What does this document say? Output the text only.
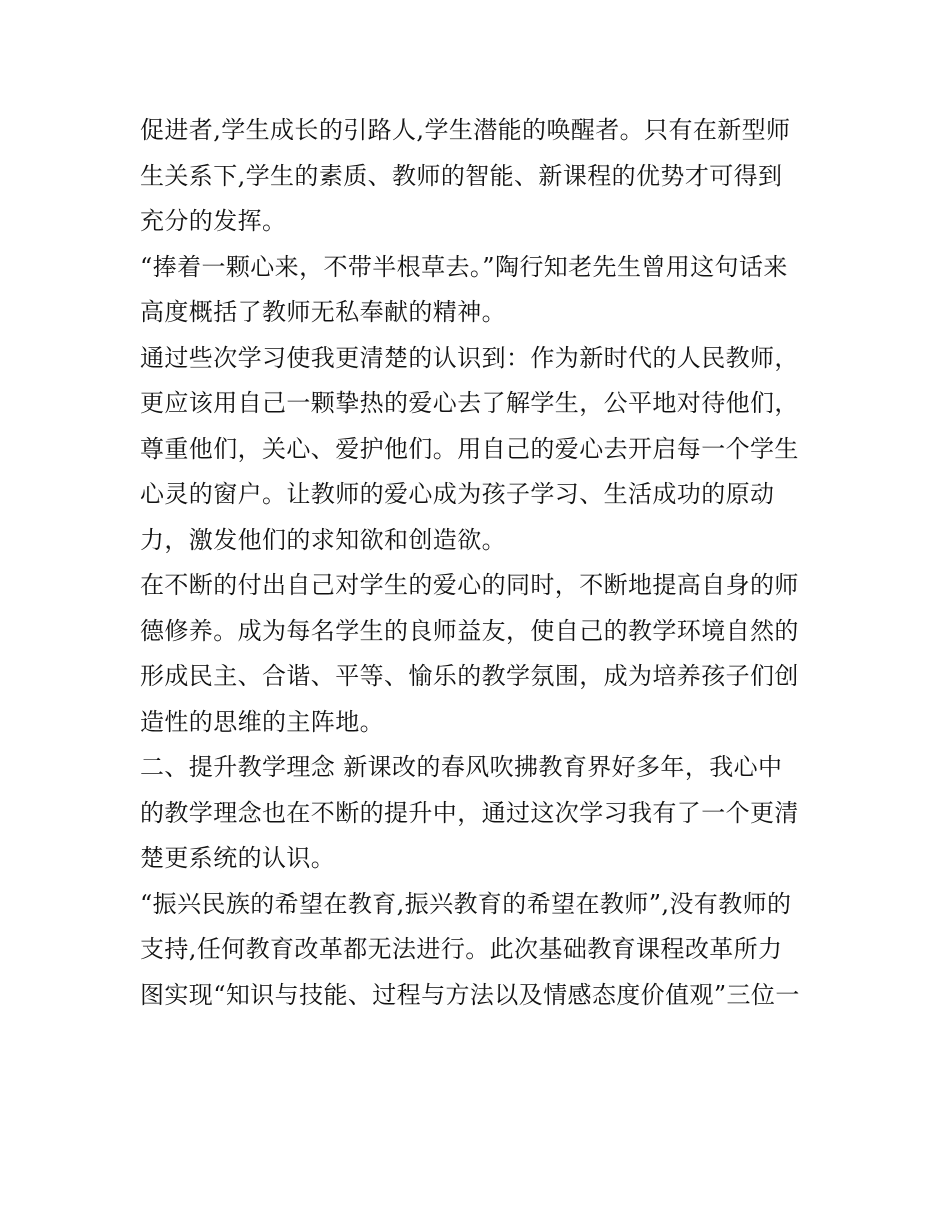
促进者,学生成长的引路人,学生潜能的唤醒者。只有在新型师
生关系下,学生的素质、教师的智能、新课程的优势才可得到
充分的发挥。
“捧着一颗心来，不带半根草去。”陶行知老先生曾用这句话来
高度概括了教师无私奉献的精神。
通过些次学习使我更清楚的认识到：作为新时代的人民教师，
更应该用自己一颗挚热的爱心去了解学生，公平地对待他们，
尊重他们，关心、爱护他们。用自己的爱心去开启每一个学生
心灵的窗户。让教师的爱心成为孩子学习、生活成功的原动
力，激发他们的求知欲和创造欲。
在不断的付出自己对学生的爱心的同时，不断地提高自身的师
德修养。成为每名学生的良师益友，使自己的教学环境自然的
形成民主、合谐、平等、愉乐的教学氛围，成为培养孩子们创
造性的思维的主阵地。
二、提升教学理念 新课改的春风吹拂教育界好多年，我心中
的教学理念也在不断的提升中，通过这次学习我有了一个更清
楚更系统的认识。
“振兴民族的希望在教育,振兴教育的希望在教师”,没有教师的
支持,任何教育改革都无法进行。此次基础教育课程改革所力
图实现“知识与技能、过程与方法以及情感态度价值观”三位一
